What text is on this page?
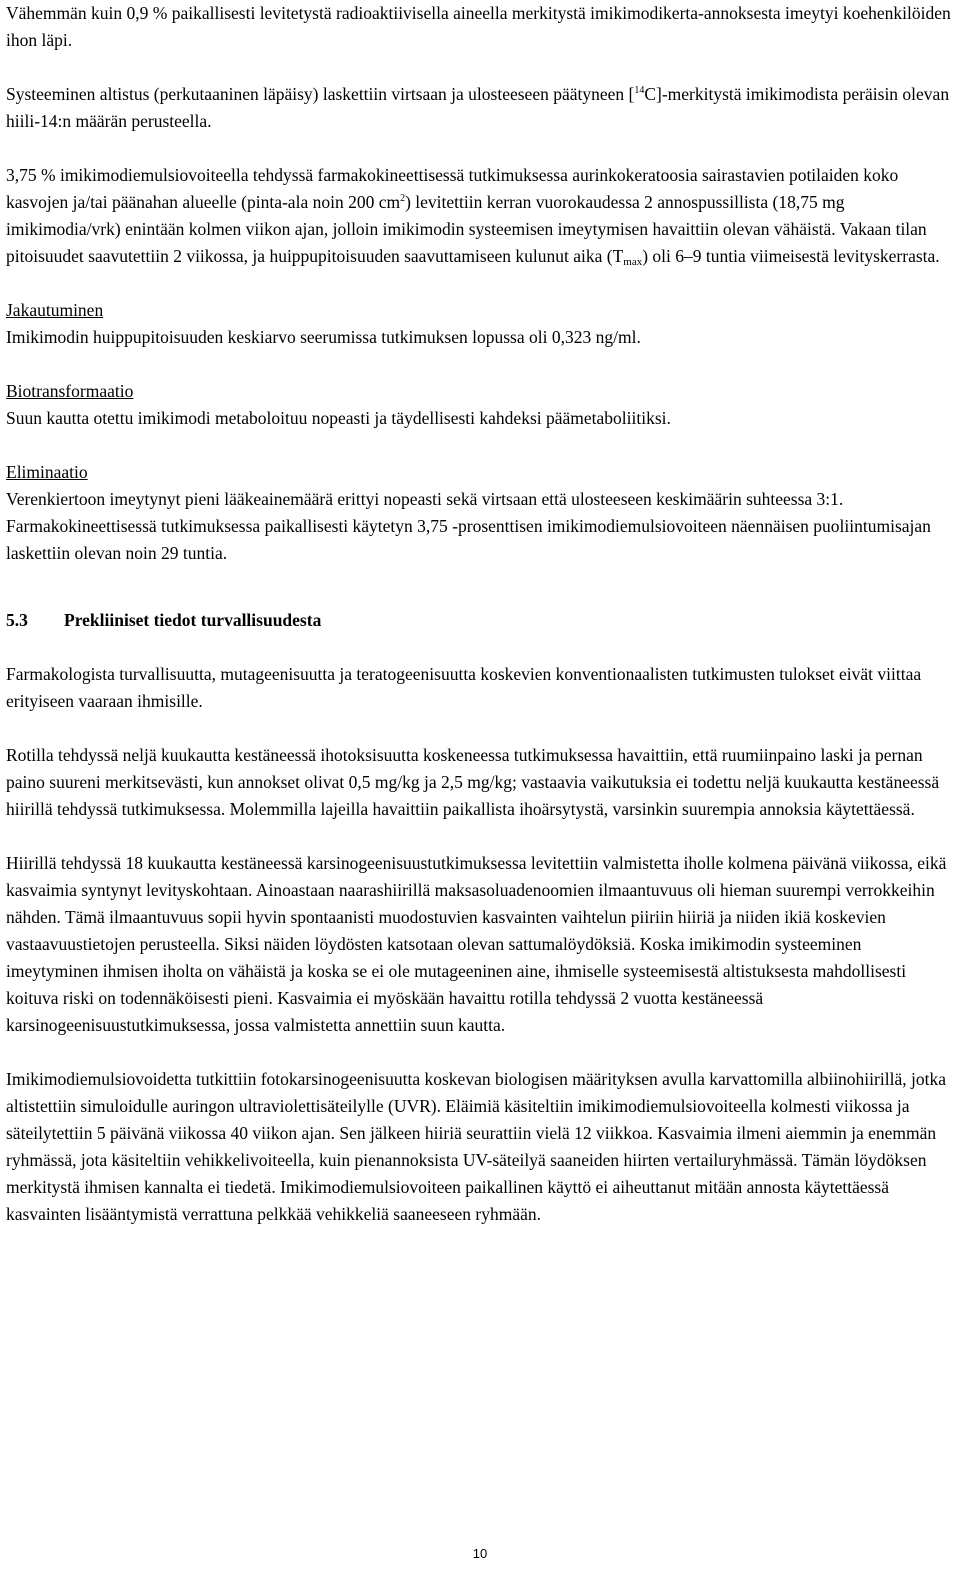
Vähemmän kuin 0,9 % paikallisesti levitetystä radioaktiivisella aineella merkitystä imikimodikerta-annoksesta imeytyi koehenkilöiden ihon läpi.

Systeeminen altistus (perkutaaninen läpäisy) laskettiin virtsaan ja ulosteeseen päätyneen [$^{14}$C]-merkitystä imikimodista peräisin olevan hiili-14:n määrän perusteella.

3,75 % imikimodiemulsiovoiteella tehdyssä farmakokineettisessä tutkimuksessa aurinkokeratoosia sairastavien potilaiden koko kasvojen ja/tai päänahan alueelle (pinta-ala noin 200 $cm^2$) levitettiin kerran vuorokaudessa 2 annospussillista (18,75 mg imikimodia/vrk) enintään kolmen viikon ajan, jolloin imikimodin systeemisen imeytymisen havaittiin olevan vähäistä. Vakaan tilan pitoisuudet saavutettiin 2 viikossa, ja huippupitoisuuden saavuttamiseen kulunut aika $(T_{max})$ oli 6–9 tuntia viimeisestä levityskerrasta.

Jakautuminen

Imikimodin huippupitoisuuden keskiarvo seerumissa tutkimuksen lopussa oli 0,323 ng/ml.

Biotransformaatio

Suun kautta otettu imikimodi metaboloituu nopeasti ja täydellisesti kahdeksi päämetaboliitiksi.

Eliminaatio

Verenkiertoon imeytynyt pieni lääkeainemäärä erittyi nopeasti sekä virtsaan että ulosteeseen keskimäärin suhteessa 3:1.

Farmakokineettisessä tutkimuksessa paikallisesti käytetyn 3,75 -prosenttisen imikimodiemulsiovoiteen näennäisen puoliintumisajan laskettiin olevan noin 29 tuntia.

5.3 Prekliiniset tiedot turvallisuudesta

Farmakologista turvallisuutta, mutageenisuutta ja teratogeenisuutta koskevien konventionaalisten tutkimusten tulokset eivät viittaa erityiseen vaaraan ihmisille.

Rotilla tehdyssä neljä kuukautta kestäneessä ihotoksisuutta koskeneessa tutkimuksessa havaittiin, että ruumiinpaino laski ja pernan paino suureni merkitsevästi, kun annokset olivat 0,5 mg/kg ja 2,5 mg/kg; vastaavia vaikutuksia ei todettu neljä kuukautta kestäneessä hiirillä tehdyssä tutkimuksessa. Molemmilla lajeilla havaittiin paikallista ihoärsytystä, varsinkin suurempia annoksia käytettäessä.

Hiirillä tehdyssä 18 kuukautta kestäneessä karsinogeenisuustutkimuksessa levitettiin valmistetta iholle kolmena päivänä viikossa, eikä kasvaimia syntynyt levityskohtaan. Ainoastaan naarashiirillä maksasoluadenoomien ilmaantuvuus oli hieman suurempi verrokkeihin nähden. Tämä ilmaantuvuus sopii hyvin spontaanisti muodostuvien kasvainten vaihtelun piiriin hiiriä ja niiden ikiä koskevien vastaavuustietojen perusteella. Siksi näiden löydösten katsotaan olevan sattumalöydöksiä. Koska imikimodin systeeminen imeytyminen ihmisen iholta on vähäistä ja koska se ei ole mutageeninen aine, ihmiselle systeemisestä altistuksesta mahdollisesti koituva riski on todennäköisesti pieni. Kasvaimia ei myöskään havaittu rotilla tehdyssä 2 vuotta kestäneessä karsinogeenisuustutkimuksessa, jossa valmistetta annettiin suun kautta.

Imikimodiemulsiovoidetta tutkittiin fotokarsinogeenisuutta koskevan biologisen määrityksen avulla karvattomilla albiinohiirillä, jotka altistettiin simuloidulle auringon ultraviolettisäteilylle (UVR). Eläimiä käsiteltiin imikimodiemulsiovoiteella kolmesti viikossa ja säteilytettiin 5 päivänä viikossa 40 viikon ajan. Sen jälkeen hiiriä seurattiin vielä 12 viikkoa. Kasvaimia ilmeni aiemmin ja enemmän ryhmässä, jota käsiteltiin vehikkelivoiteella, kuin pienannoksista UV-säteilyä saaneiden hiirten vertailuryhmässä. Tämän löydöksen merkitystä ihmisen kannalta ei tiedetä. Imikimodiemulsiovoiteen paikallinen käyttö ei aiheuttanut mitään annosta käytettäessä kasvainten lisääntymistä verrattuna pelkkää vehikkeliä saaneeseen ryhmään.

10
